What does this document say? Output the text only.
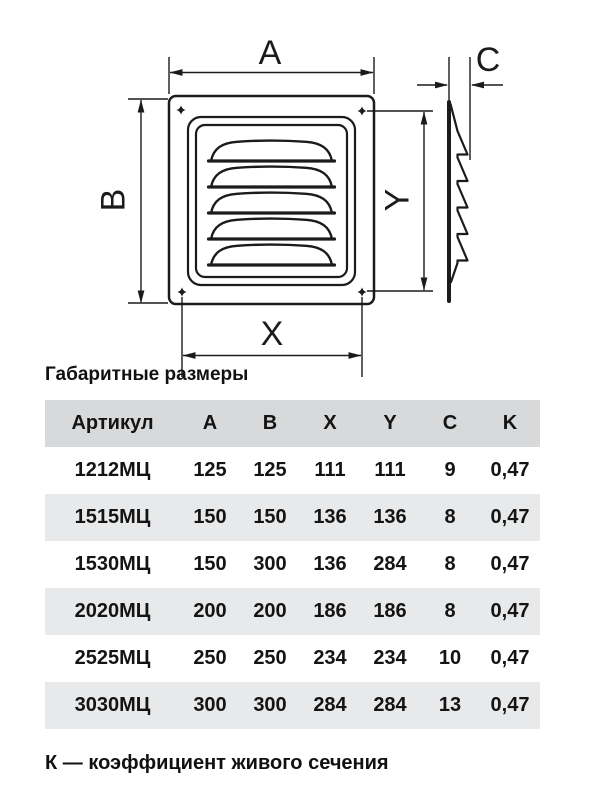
A
B
X
Y
C
Габаритные размеры
Артикул	A	B	X	Y	C	K
1212МЦ	125	125	111	111	9	0,47
1515МЦ	150	150	136	136	8	0,47
1530МЦ	150	300	136	284	8	0,47
2020МЦ	200	200	186	186	8	0,47
2525МЦ	250	250	234	234	10	0,47
3030МЦ	300	300	284	284	13	0,47
К — коэффициент живого сечения
